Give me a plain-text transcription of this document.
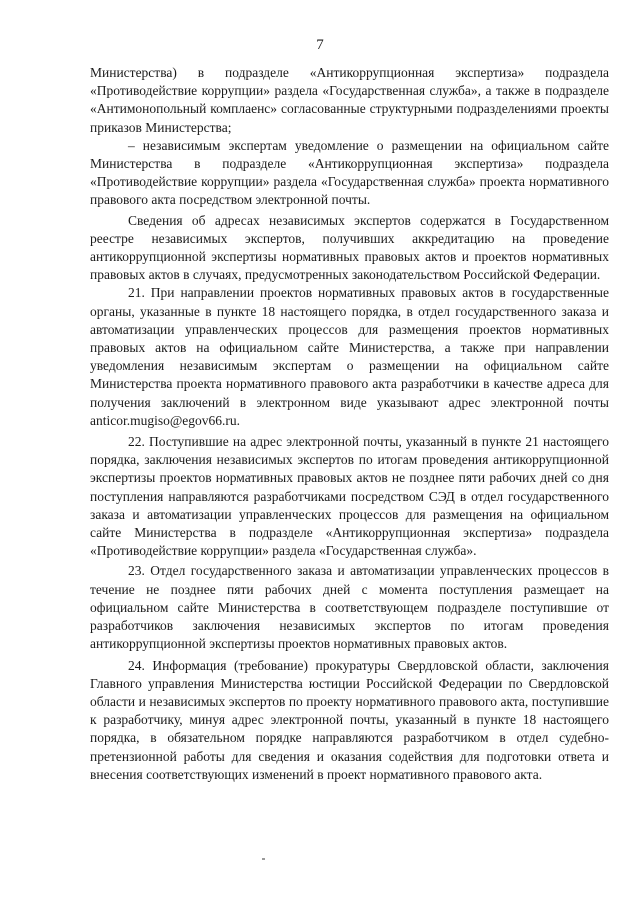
7

Министерства) в подразделе «Антикоррупционная экспертиза» подраздела «Противодействие коррупции» раздела «Государственная служба», а также в подразделе «Антимонопольный комплаенс» согласованные структурными подразделениями проекты приказов Министерства;

– независимым экспертам уведомление о размещении на официальном сайте Министерства в подразделе «Антикоррупционная экспертиза» подраздела «Противодействие коррупции» раздела «Государственная служба» проекта нормативного правового акта посредством электронной почты.

Сведения об адресах независимых экспертов содержатся в Государственном реестре независимых экспертов, получивших аккредитацию на проведение антикоррупционной экспертизы нормативных правовых актов и проектов нормативных правовых актов в случаях, предусмотренных законодательством Российской Федерации.

21. При направлении проектов нормативных правовых актов в государственные органы, указанные в пункте 18 настоящего порядка, в отдел государственного заказа и автоматизации управленческих процессов для размещения проектов нормативных правовых актов на официальном сайте Министерства, а также при направлении уведомления независимым экспертам о размещении на официальном сайте Министерства проекта нормативного правового акта разработчики в качестве адреса для получения заключений в электронном виде указывают адрес электронной почты anticor.mugiso@egov66.ru.

22. Поступившие на адрес электронной почты, указанный в пункте 21 настоящего порядка, заключения независимых экспертов по итогам проведения антикоррупционной экспертизы проектов нормативных правовых актов не позднее пяти рабочих дней со дня поступления направляются разработчиками посредством СЭД в отдел государственного заказа и автоматизации управленческих процессов для размещения на официальном сайте Министерства в подразделе «Антикоррупционная экспертиза» подраздела «Противодействие коррупции» раздела «Государственная служба».

23. Отдел государственного заказа и автоматизации управленческих процессов в течение не позднее пяти рабочих дней с момента поступления размещает на официальном сайте Министерства в соответствующем подразделе поступившие от разработчиков заключения независимых экспертов по итогам проведения антикоррупционной экспертизы проектов нормативных правовых актов.

24. Информация (требование) прокуратуры Свердловской области, заключения Главного управления Министерства юстиции Российской Федерации по Свердловской области и независимых экспертов по проекту нормативного правового акта, поступившие к разработчику, минуя адрес электронной почты, указанный в пункте 18 настоящего порядка, в обязательном порядке направляются разработчиком в отдел судебно-претензионной работы для сведения и оказания содействия для подготовки ответа и внесения соответствующих изменений в проект нормативного правового акта.
